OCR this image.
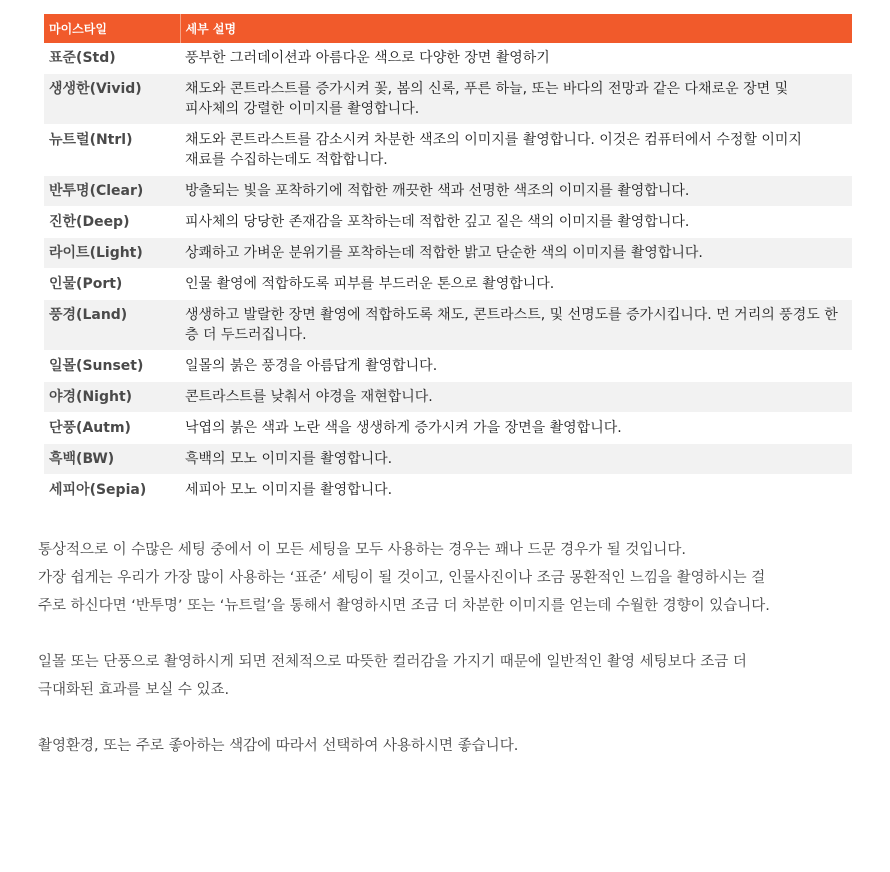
마이스타일	세부 설명
표준(Std)	풍부한 그러데이션과 아름다운 색으로 다양한 장면 촬영하기
생생한(Vivid)	채도와 콘트라스트를 증가시켜 꽃, 봄의 신록, 푸른 하늘, 또는 바다의 전망과 같은 다채로운 장면 및 피사체의 강렬한 이미지를 촬영합니다.
뉴트럴(Ntrl)	채도와 콘트라스트를 감소시켜 차분한 색조의 이미지를 촬영합니다. 이것은 컴퓨터에서 수정할 이미지 재료를 수집하는데도 적합합니다.
반투명(Clear)	방출되는 빛을 포착하기에 적합한 깨끗한 색과 선명한 색조의 이미지를 촬영합니다.
진한(Deep)	피사체의 당당한 존재감을 포착하는데 적합한 깊고 짙은 색의 이미지를 촬영합니다.
라이트(Light)	상쾌하고 가벼운 분위기를 포착하는데 적합한 밝고 단순한 색의 이미지를 촬영합니다.
인물(Port)	인물 촬영에 적합하도록 피부를 부드러운 톤으로 촬영합니다.
풍경(Land)	생생하고 발랄한 장면 촬영에 적합하도록 채도, 콘트라스트, 및 선명도를 증가시킵니다. 먼 거리의 풍경도 한 층 더 두드러집니다.
일몰(Sunset)	일몰의 붉은 풍경을 아름답게 촬영합니다.
야경(Night)	콘트라스트를 낮춰서 야경을 재현합니다.
단풍(Autm)	낙엽의 붉은 색과 노란 색을 생생하게 증가시켜 가을 장면을 촬영합니다.
흑백(BW)	흑백의 모노 이미지를 촬영합니다.
세피아(Sepia)	세피아 모노 이미지를 촬영합니다.

통상적으로 이 수많은 세팅 중에서 이 모든 세팅을 모두 사용하는 경우는 꽤나 드문 경우가 될 것입니다.
가장 쉽게는 우리가 가장 많이 사용하는 ‘표준’ 세팅이 될 것이고, 인물사진이나 조금 몽환적인 느낌을 촬영하시는 걸
주로 하신다면 ‘반투명’ 또는 ‘뉴트럴’을 통해서 촬영하시면 조금 더 차분한 이미지를 얻는데 수월한 경향이 있습니다.

일몰 또는 단풍으로 촬영하시게 되면 전체적으로 따뜻한 컬러감을 가지기 때문에 일반적인 촬영 세팅보다 조금 더
극대화된 효과를 보실 수 있죠.

촬영환경, 또는 주로 좋아하는 색감에 따라서 선택하여 사용하시면 좋습니다.
